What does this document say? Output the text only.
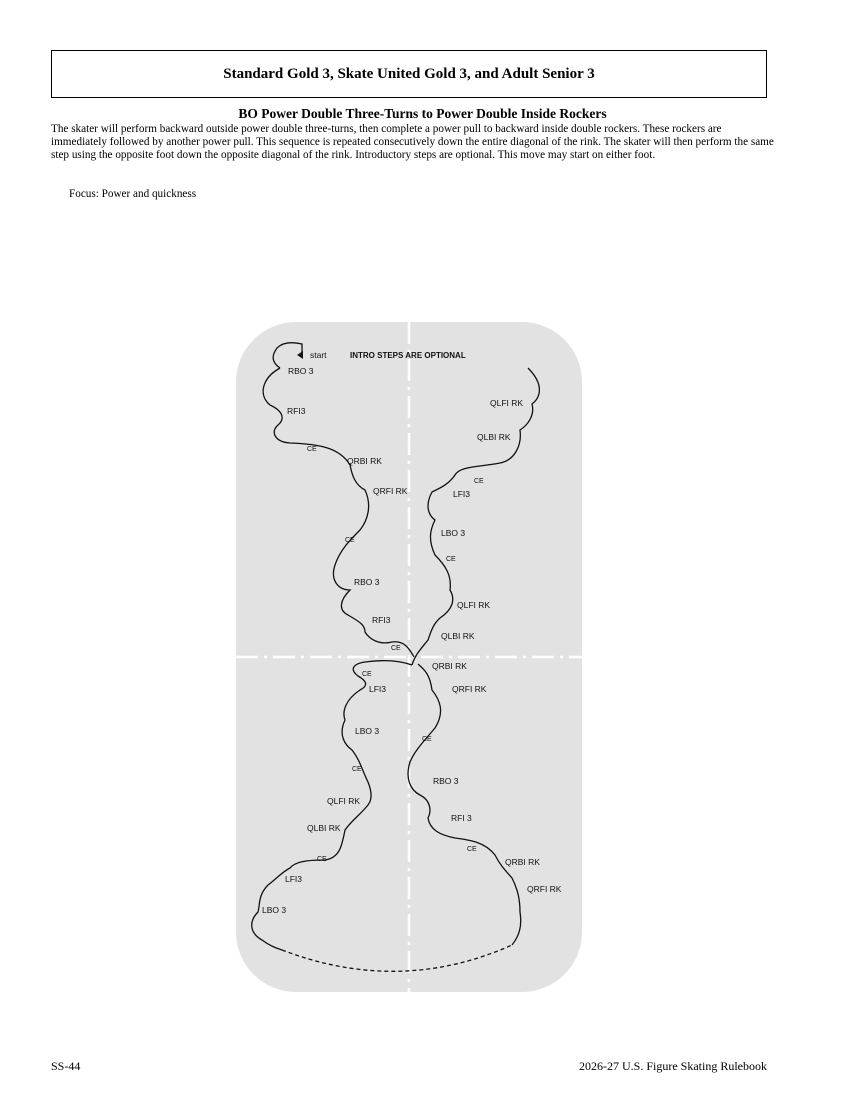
Standard Gold 3, Skate United Gold 3, and Adult Senior 3
BO Power Double Three-Turns to Power Double Inside Rockers
The skater will perform backward outside power double three-turns, then complete a power pull to backward inside double rockers. These rockers are immediately followed by another power pull. This sequence is repeated consecutively down the entire diagonal of the rink. The skater will then perform the same step using the opposite foot down the opposite diagonal of the rink. Introductory steps are optional. This move may start on either foot.
Focus: Power and quickness
start	INTRO STEPS ARE OPTIONAL
RBO 3
RFI3
CE
QRBI RK
QRFI RK
CE
RBO 3
RFI3
CE
QLFI RK
QLBI RK
CE
LFI3
LBO 3
CE
QLFI RK
QLBI RK
QRBI RK
QRFI RK
CE
RBO 3
RFI 3
CE
QRBI RK
QRFI RK
CE
LFI3
LBO 3
CE
QLFI RK
QLBI RK
CE
LFI3
LBO 3
SS-44	2026-27 U.S. Figure Skating Rulebook
